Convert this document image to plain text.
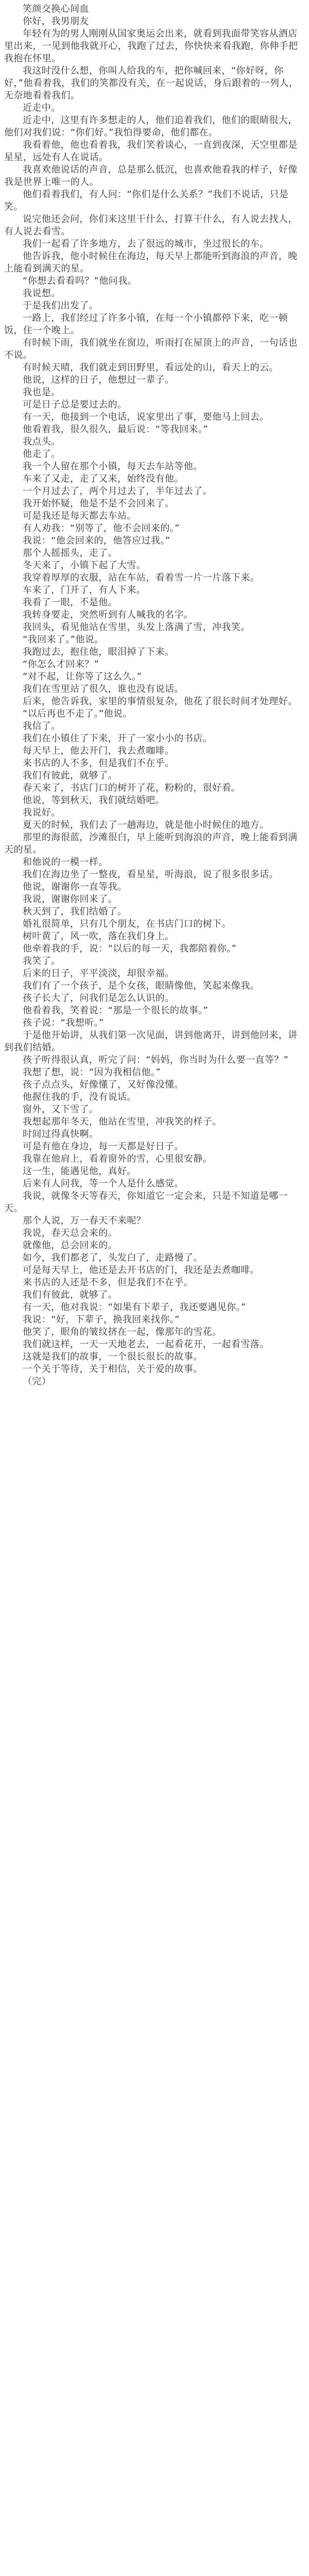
笑颜交换心间血

你好，我男朋友

年轻有为的男人刚刚从国家奥运会出来，就看到我面带笑容从酒店里出来，一见到他我就开心，我跑了过去，你快快来看我跑，你伸手把我抱在怀里。

我这时没什么想，你叫人给我的车，把你喊回来，“你好呀，你好，”他看着我，我们的笑都没有关，在一起说话，身后跟着的一列人，无奈地看着我们。

近走中。

近走中，这里有许多想走的人，他们追着我们，他们的眼睛很大，他们对我们说：“你们好。”我怕得要命，他们都在。

我看着他，他也看着我，我们笑着谈心，一直到夜深，天空里都是星星，远处有人在说话。

我喜欢他说话的声音，总是那么低沉，也喜欢他看我的样子，好像我是世界上唯一的人。

他们看着我们，有人问：“你们是什么关系？”我们不说话，只是笑。

说完他还会问，你们来这里干什么，打算干什么，有人说去找人，有人说去看雪。

我们一起看了许多地方，去了很远的城市，坐过很长的车。

他告诉我，他小时候住在海边，每天早上都能听到海浪的声音，晚上能看到满天的星。

“你想去看看吗？”他问我。

我说想。

于是我们出发了。

一路上，我们经过了许多小镇，在每一个小镇都停下来，吃一顿饭，住一个晚上。

有时候下雨，我们就坐在窗边，听雨打在屋顶上的声音，一句话也不说。

有时候天晴，我们就走到田野里，看远处的山，看天上的云。

他说，这样的日子，他想过一辈子。

我也是。

可是日子总是要过去的。

有一天，他接到一个电话，说家里出了事，要他马上回去。

他看着我，很久很久，最后说：“等我回来。”

我点头。

他走了。

我一个人留在那个小镇，每天去车站等他。

车来了又走，走了又来，始终没有他。

一个月过去了，两个月过去了，半年过去了。

我开始怀疑，他是不是不会回来了。

可是我还是每天都去车站。

有人劝我：“别等了，他不会回来的。”

我说：“他会回来的，他答应过我。”

那个人摇摇头，走了。

冬天来了，小镇下起了大雪。

我穿着厚厚的衣服，站在车站，看着雪一片一片落下来。

车来了，门开了，有人下来。

我看了一眼，不是他。

我转身要走，突然听到有人喊我的名字。

我回头，看见他站在雪里，头发上落满了雪，冲我笑。

“我回来了。”他说。

我跑过去，抱住他，眼泪掉了下来。

“你怎么才回来？”

“对不起，让你等了这么久。”

我们在雪里站了很久，谁也没有说话。

后来，他告诉我，家里的事情很复杂，他花了很长时间才处理好。

“以后再也不走了。”他说。

我信了。

我们在小镇住了下来，开了一家小小的书店。

每天早上，他去开门，我去煮咖啡。

来书店的人不多，但是我们不在乎。

我们有彼此，就够了。

春天来了，书店门口的树开了花，粉粉的，很好看。

他说，等到秋天，我们就结婚吧。

我说好。

夏天的时候，我们去了一趟海边，就是他小时候住的地方。

那里的海很蓝，沙滩很白，早上能听到海浪的声音，晚上能看到满天的星。

和他说的一模一样。

我们在海边坐了一整夜，看星星，听海浪，说了很多很多话。

他说，谢谢你一直等我。

我说，谢谢你回来了。

秋天到了，我们结婚了。

婚礼很简单，只有几个朋友，在书店门口的树下。

树叶黄了，风一吹，落在我们身上。

他牵着我的手，说：“以后的每一天，我都陪着你。”

我笑了。

后来的日子，平平淡淡，却很幸福。

我们有了一个孩子，是个女孩，眼睛像他，笑起来像我。

孩子长大了，问我们是怎么认识的。

他看着我，笑着说：“那是一个很长的故事。”

孩子说：“我想听。”

于是他开始讲，从我们第一次见面，讲到他离开，讲到他回来，讲到我们结婚。

孩子听得很认真，听完了问：“妈妈，你当时为什么要一直等？”

我想了想，说：“因为我相信他。”

孩子点点头，好像懂了，又好像没懂。

他握住我的手，没有说话。

窗外，又下雪了。

我想起那年冬天，他站在雪里，冲我笑的样子。

时间过得真快啊。

可是有他在身边，每一天都是好日子。

我靠在他肩上，看着窗外的雪，心里很安静。

这一生，能遇见他，真好。

后来有人问我，等一个人是什么感觉。

我说，就像冬天等春天，你知道它一定会来，只是不知道是哪一天。

那个人说，万一春天不来呢？

我说，春天总会来的。

就像他，总会回来的。

如今，我们都老了，头发白了，走路慢了。

可是每天早上，他还是去开书店的门，我还是去煮咖啡。

来书店的人还是不多，但是我们不在乎。

我们有彼此，就够了。

有一天，他对我说：“如果有下辈子，我还要遇见你。”

我说：“好，下辈子，换我回来找你。”

他笑了，眼角的皱纹挤在一起，像那年的雪花。

我们就这样，一天一天地老去，一起看花开，一起看雪落。

这就是我们的故事，一个很长很长的故事。

一个关于等待，关于相信，关于爱的故事。

（完）
